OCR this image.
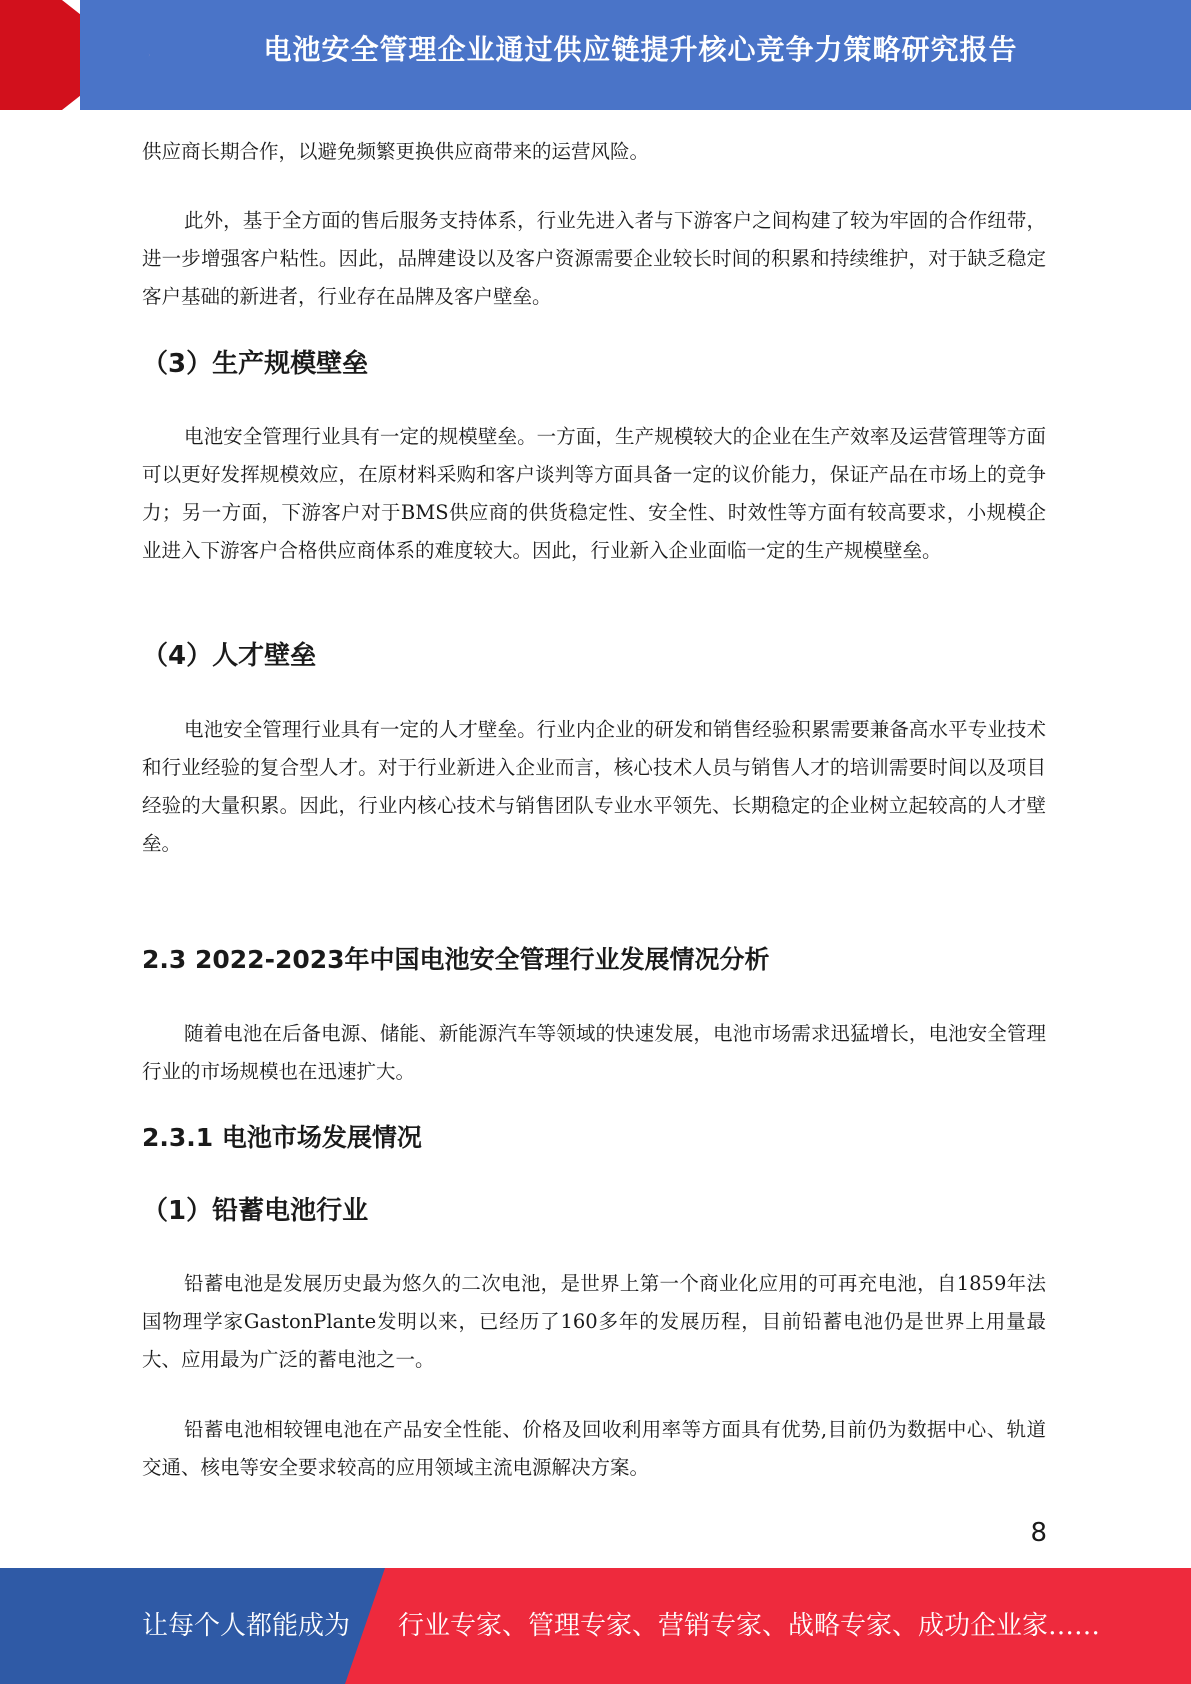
电池安全管理企业通过供应链提升核心竞争力策略研究报告

供应商长期合作，以避免频繁更换供应商带来的运营风险。

此外，基于全方面的售后服务支持体系，行业先进入者与下游客户之间构建了较为牢固的合作纽带，进一步增强客户粘性。因此，品牌建设以及客户资源需要企业较长时间的积累和持续维护，对于缺乏稳定客户基础的新进者，行业存在品牌及客户壁垒。

（3）生产规模壁垒

电池安全管理行业具有一定的规模壁垒。一方面，生产规模较大的企业在生产效率及运营管理等方面可以更好发挥规模效应，在原材料采购和客户谈判等方面具备一定的议价能力，保证产品在市场上的竞争力；另一方面，下游客户对于BMS供应商的供货稳定性、安全性、时效性等方面有较高要求，小规模企业进入下游客户合格供应商体系的难度较大。因此，行业新入企业面临一定的生产规模壁垒。

（4）人才壁垒

电池安全管理行业具有一定的人才壁垒。行业内企业的研发和销售经验积累需要兼备高水平专业技术和行业经验的复合型人才。对于行业新进入企业而言，核心技术人员与销售人才的培训需要时间以及项目经验的大量积累。因此，行业内核心技术与销售团队专业水平领先、长期稳定的企业树立起较高的人才壁垒。

2.3 2022-2023年中国电池安全管理行业发展情况分析

随着电池在后备电源、储能、新能源汽车等领域的快速发展，电池市场需求迅猛增长，电池安全管理行业的市场规模也在迅速扩大。

2.3.1 电池市场发展情况
（1）铅蓄电池行业

铅蓄电池是发展历史最为悠久的二次电池，是世界上第一个商业化应用的可再充电池，自1859年法国物理学家GastonPlante发明以来，已经历了160多年的发展历程，目前铅蓄电池仍是世界上用量最大、应用最为广泛的蓄电池之一。

铅蓄电池相较锂电池在产品安全性能、价格及回收利用率等方面具有优势,目前仍为数据中心、轨道交通、核电等安全要求较高的应用领域主流电源解决方案。

8
让每个人都能成为 行业专家、管理专家、营销专家、战略专家、成功企业家……
